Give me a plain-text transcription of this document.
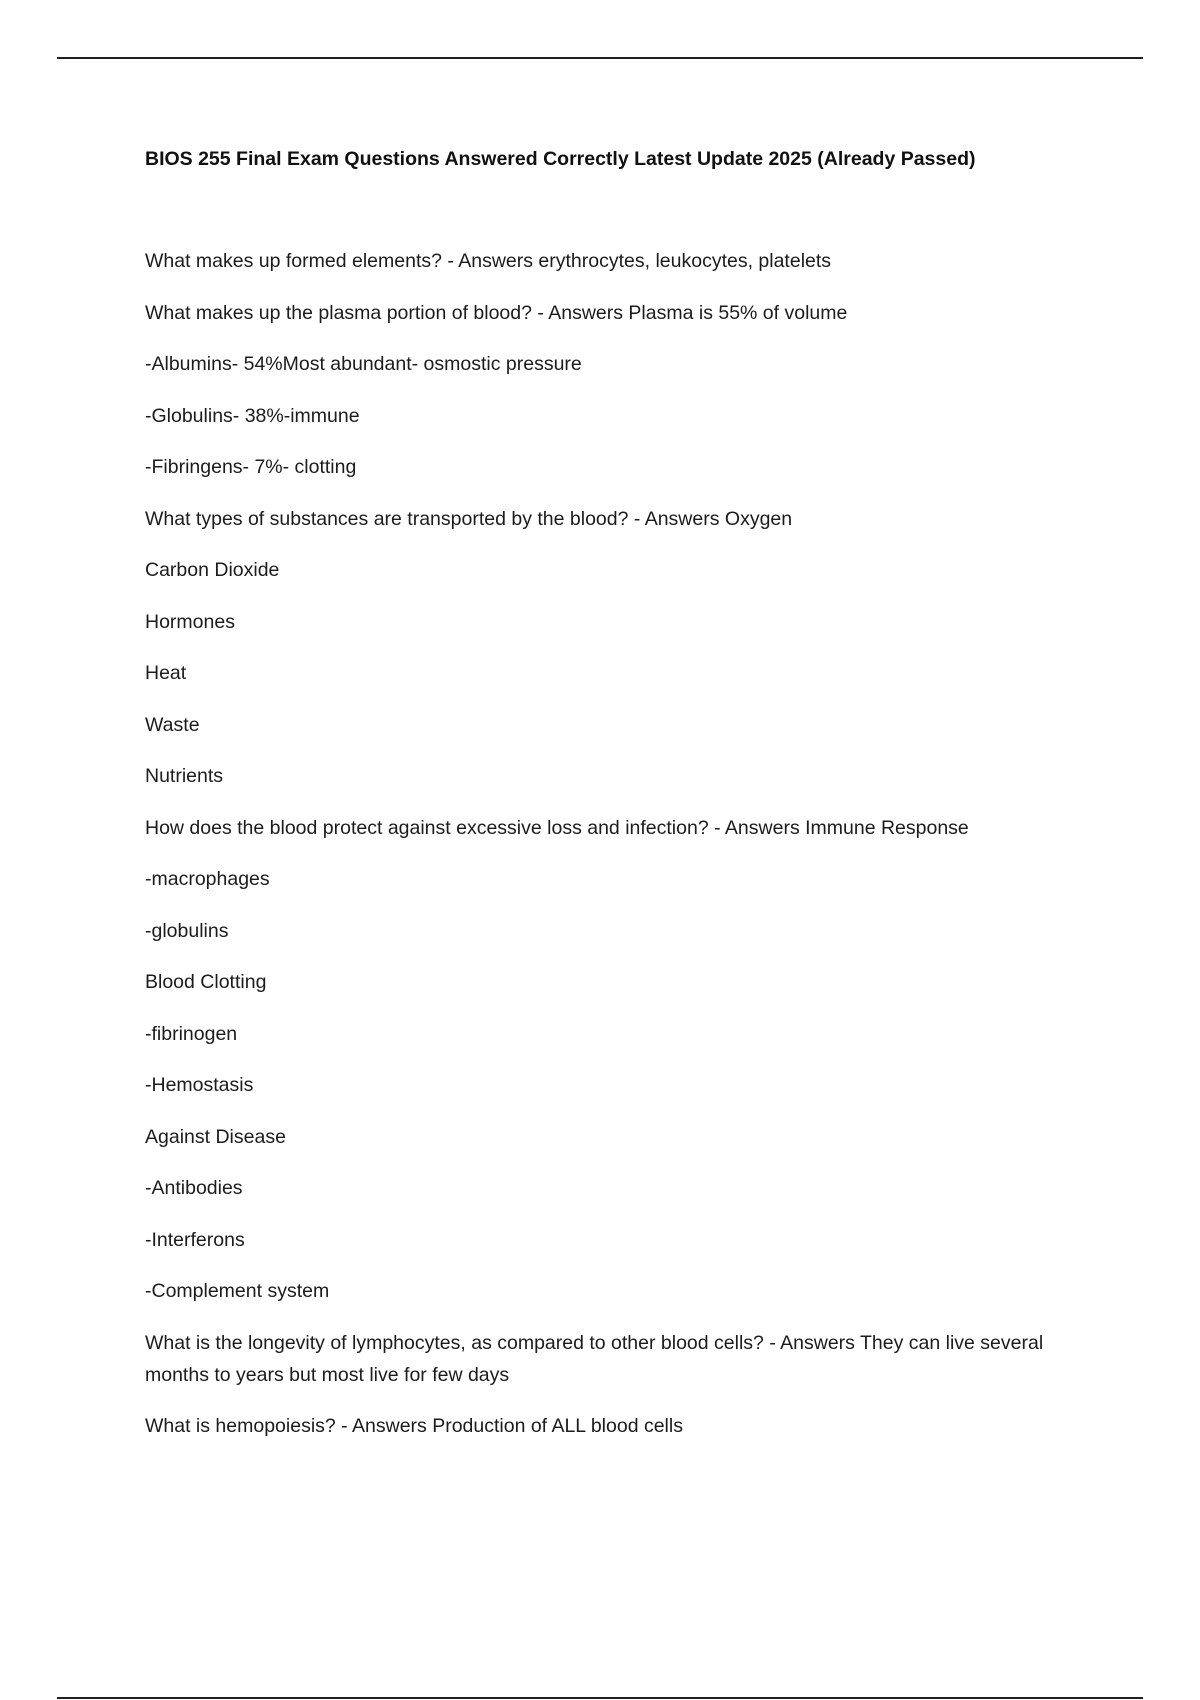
BIOS 255 Final Exam Questions Answered Correctly Latest Update 2025 (Already Passed)
What makes up formed elements? - Answers erythrocytes, leukocytes, platelets
What makes up the plasma portion of blood? - Answers Plasma is 55% of volume
-Albumins- 54%Most abundant- osmostic pressure
-Globulins- 38%-immune
-Fibringens- 7%- clotting
What types of substances are transported by the blood? - Answers Oxygen
Carbon Dioxide
Hormones
Heat
Waste
Nutrients
How does the blood protect against excessive loss and infection? - Answers Immune Response
-macrophages
-globulins
Blood Clotting
-fibrinogen
-Hemostasis
Against Disease
-Antibodies
-Interferons
-Complement system
What is the longevity of lymphocytes, as compared to other blood cells? - Answers They can live several months to years but most live for few days
What is hemopoiesis? - Answers Production of ALL blood cells
